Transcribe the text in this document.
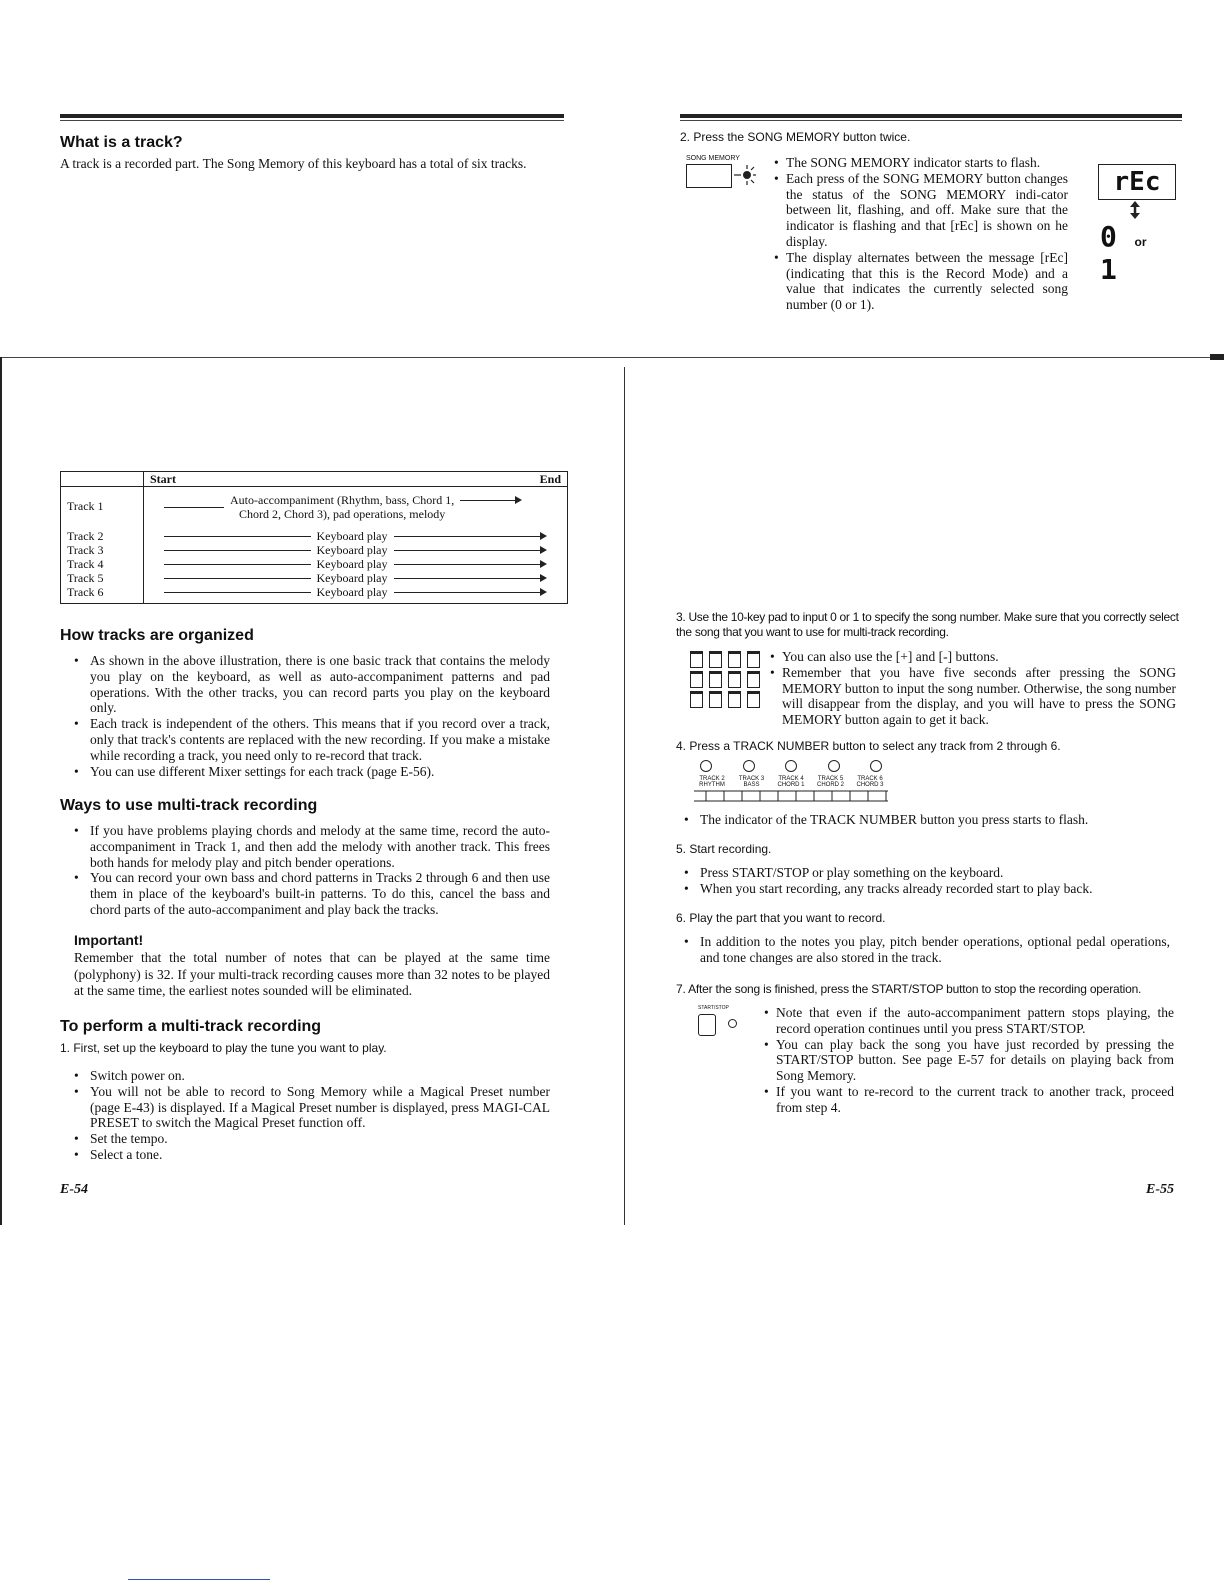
What is a track?

A track is a recorded part. The Song Memory of this keyboard has a total of six tracks.

	Start End

Track 1	Auto-accompaniment (Rhythm, bass, Chord 1,
Chord 2, Chord 3), pad operations, melody

Track 2	Keyboard play

Track 3	Keyboard play

Track 4	Keyboard play

Track 5	Keyboard play

Track 6	Keyboard play
How tracks are organized
• As shown in the above illustration, there is one basic track that contains the melody you play on the keyboard, as well as auto-accompaniment patterns and pad operations. With the other tracks, you can record parts you play on the keyboard only.
• Each track is independent of the others. This means that if you record over a track, only that track's contents are replaced with the new recording. If you make a mistake while recording a track, you need only to re-record that track.
• You can use different Mixer settings for each track (page E-56).
Ways to use multi-track recording
• If you have problems playing chords and melody at the same time, record the auto- accompaniment in Track 1, and then add the melody with another track. This frees both hands for melody play and pitch bender operations.
• You can record your own bass and chord patterns in Tracks 2 through 6 and then use them in place of the keyboard's built-in patterns. To do this, cancel the bass and chord parts of the auto-accompaniment and play back the tracks.
Important!

Remember that the total number of notes that can be played at the same time (polyphony) is 32. If your multi-track recording causes more than 32 notes to be played at the same time, the earliest notes sounded will be eliminated.

To perform a multi-track recording

1. First, set up the keyboard to play the tune you want to play.

• Switch power on.
• You will not be able to record to Song Memory while a Magical Preset number (page E-43) is displayed. If a Magical Preset number is displayed, press MAGI-CAL PRESET to switch the Magical Preset function off.
• Set the tempo.
• Select a tone.
E-54

2. Press the SONG MEMORY button twice.

SONG MEMORY
	• The SONG MEMORY indicator starts to flash.
• Each press of the SONG MEMORY button changes the status of the SONG MEMORY indi-cator between lit, flashing, and off. Make sure that the indicator is flashing and that [rEc] is shown on he display.
• The display alternates between the message [rEc] (indicating that this is the Record Mode) and a value that indicates the currently selected song number (0 or 1).
rEc
0 or 1

3. Use the 10-key pad to input 0 or 1 to specify the song number. Make sure that you correctly select the song that you want to use for multi-track recording.

• You can also use the [+] and [-] buttons.
• Remember that you have five seconds after pressing the SONG MEMORY button to input the song number. Otherwise, the song number will disappear from the display, and you will have to press the SONG MEMORY button again to get it back.

4. Press a TRACK NUMBER button to select any track from 2 through 6.

TRACK 2
RHYTHM
TRACK 3
BASS
TRACK 4
CHORD 1
TRACK 5
CHORD 2
TRACK 6
CHORD 3
• The indicator of the TRACK NUMBER button you press starts to flash.

5. Start recording.

• Press START/STOP or play something on the keyboard.
• When you start recording, any tracks already recorded start to play back.

6. Play the part that you want to record.

• In addition to the notes you play, pitch bender operations, optional pedal operations, and tone changes are also stored in the track.

7. After the song is finished, press the START/STOP button to stop the recording operation.

START/STOP
	• Note that even if the auto-accompaniment pattern stops playing, the record operation continues until you press START/STOP.
• You can play back the song you have just recorded by pressing the START/STOP button. See page E-57 for details on playing back from Song Memory.
• If you want to re-record to the current track to another track, proceed from step 4.
E-55
